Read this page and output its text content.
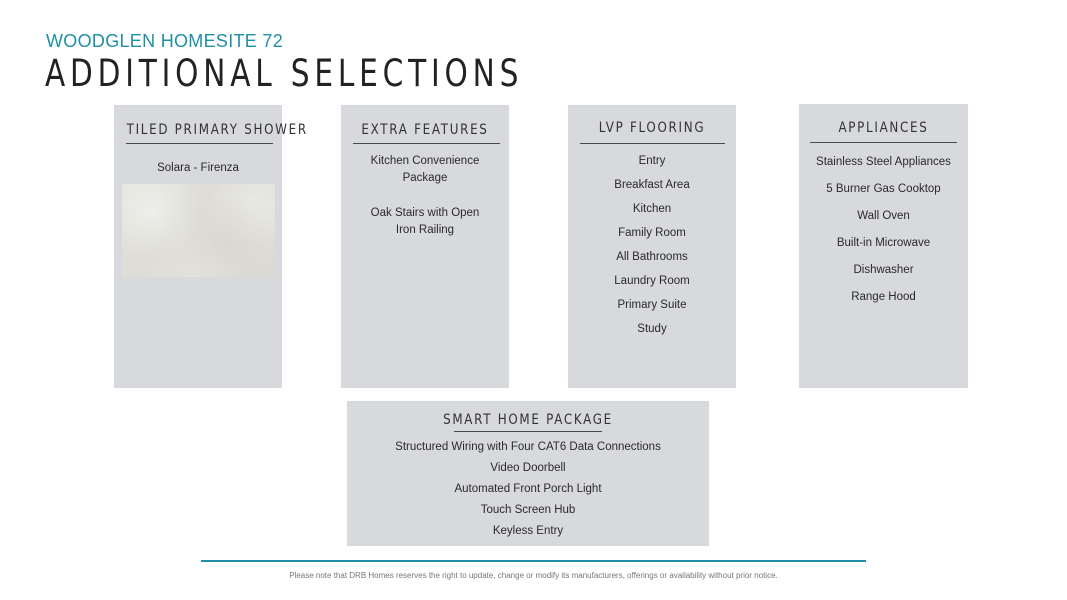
WOODGLEN HOMESITE 72
ADDITIONAL SELECTIONS
TILED PRIMARY SHOWER
Solara - Firenza
EXTRA FEATURES
Kitchen Convenience Package
Oak Stairs with Open Iron Railing
LVP FLOORING
Entry
Breakfast Area
Kitchen
Family Room
All Bathrooms
Laundry Room
Primary Suite
Study
APPLIANCES
Stainless Steel Appliances
5 Burner Gas Cooktop
Wall Oven
Built-in Microwave
Dishwasher
Range Hood
SMART HOME PACKAGE
Structured Wiring with Four CAT6 Data Connections
Video Doorbell
Automated Front Porch Light
Touch Screen Hub
Keyless Entry
Please note that DRB Homes reserves the right to update, change or modify its manufacturers, offerings or availability without prior notice.
